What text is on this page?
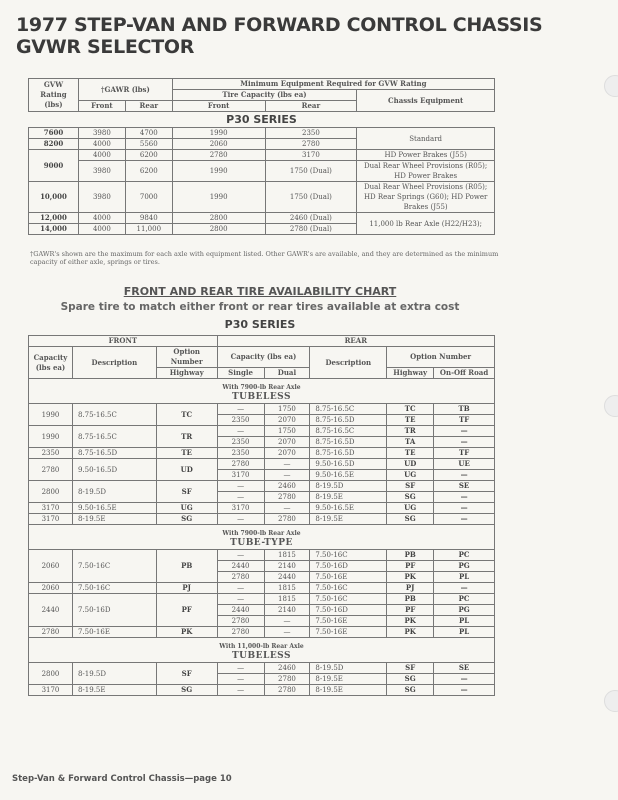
1977 STEP-VAN AND FORWARD CONTROL CHASSIS
GVWR SELECTOR
GVW Rating (lbs)	†GAWR (lbs)		Minimum Equipment Required for GVW Rating		
			Tire Capacity (lbs ea)		Chassis Equipment
	Front	Rear	Front	Rear	
P30 SERIES					
7600	3980	4700	1990	2350	Standard
8200	4000	5560	2060	2780	
9000	4000	6200	2780	3170	HD Power Brakes (J55)
	3980	6200	1990	1750 (Dual)	Dual Rear Wheel Provisions (R05); HD Power Brakes
10,000	3980	7000	1990	1750 (Dual)	Dual Rear Wheel Provisions (R05); HD Rear Springs (G60); HD Power Brakes (J55)
12,000	4000	9840	2800	2460 (Dual)	11,000 lb Rear Axle (H22/H23);
14,000	4000	11,000	2800	2780 (Dual)	
†GAWR's shown are the maximum for each axle with equipment listed. Other GAWR's are available, and they are determined as the minimum capacity of either axle, springs or tires.
FRONT AND REAR TIRE AVAILABILITY CHART
Spare tire to match either front or rear tires available at extra cost
P30 SERIES
FRONT			REAR				
Capacity (lbs ea)	Description	Option Number	Capacity (lbs ea)		Description	Option Number	
		Highway	Single	Dual		Highway	On-Off Road

With 7900-lb Rear Axle
TUBELESS							

1990	8.75-16.5C	TC	—	1750	8.75-16.5C	TC	TB
			2350	2070	8.75-16.5D	TE	TF
1990	8.75-16.5C	TR	—	1750	8.75-16.5C	TR	—
			2350	2070	8.75-16.5D	TA	—
2350	8.75-16.5D	TE	2350	2070	8.75-16.5D	TE	TF
2780	9.50-16.5D	UD	2780	—	9.50-16.5D	UD	UE
			3170	—	9.50-16.5E	UG	—
2800	8-19.5D	SF	—	2460	8-19.5D	SF	SE
			—	2780	8-19.5E	SG	—
3170	9.50-16.5E	UG	3170	—	9.50-16.5E	UG	—
3170	8-19.5E	SG	—	2780	8-19.5E	SG	—

With 7900-lb Rear Axle
TUBE-TYPE							

2060	7.50-16C	PB	—	1815	7.50-16C	PB	PC
			2440	2140	7.50-16D	PF	PG
			2780	2440	7.50-16E	PK	PL
2060	7.50-16C	PJ	—	1815	7.50-16C	PJ	—
2440	7.50-16D	PF	—	1815	7.50-16C	PB	PC
			2440	2140	7.50-16D	PF	PG
			2780	—	7.50-16E	PK	PL
2780	7.50-16E	PK	2780	—	7.50-16E	PK	PL

With 11,000-lb Rear Axle
TUBELESS							

2800	8-19.5D	SF	—	2460	8-19.5D	SF	SE
			—	2780	8-19.5E	SG	—
3170	8-19.5E	SG	—	2780	8-19.5E	SG	—
Step-Van & Forward Control Chassis—page 10
